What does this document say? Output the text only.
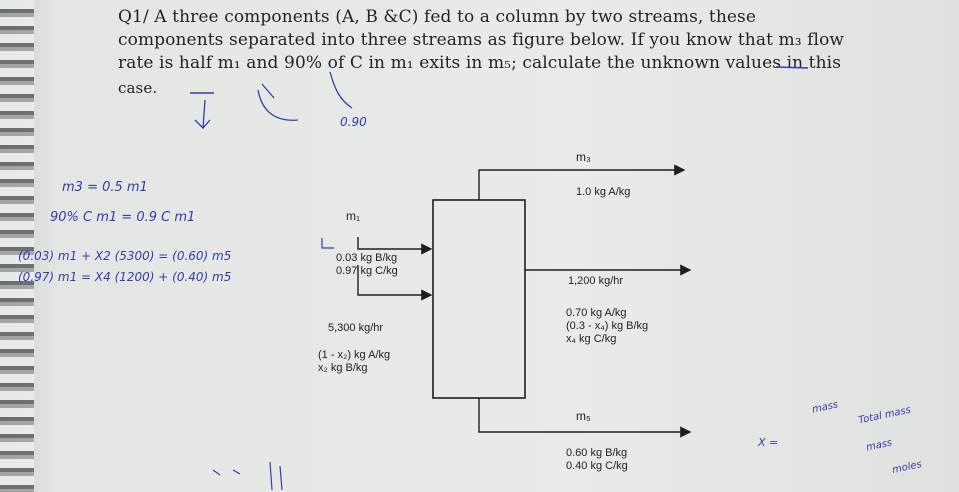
Q1/ A three components (A, B &C) fed to a column by two streams, these
components separated into three streams as figure below. If you know that m₃ flow
rate is half m₁ and 90% of C in m₁ exits in m₅; calculate the unknown values in this
case.
m₁
0.03 kg B/kg
0.97 kg C/kg
5,300 kg/hr
(1 - x₂) kg A/kg
x₂ kg B/kg
m₃
1.0 kg A/kg
1,200 kg/hr
0.70 kg A/kg
(0.3 - x₄) kg B/kg
x₄ kg C/kg
m₅
0.60 kg B/kg
0.40 kg C/kg
m3 = 0.5 m1
90% C m1 = 0.9 C m1
(0.03) m1 + X2 (5300) = (0.60) m5
(0.97) m1 = X4 (1200) + (0.40) m5
0.90
mass Total mass
X =	mass
moles
